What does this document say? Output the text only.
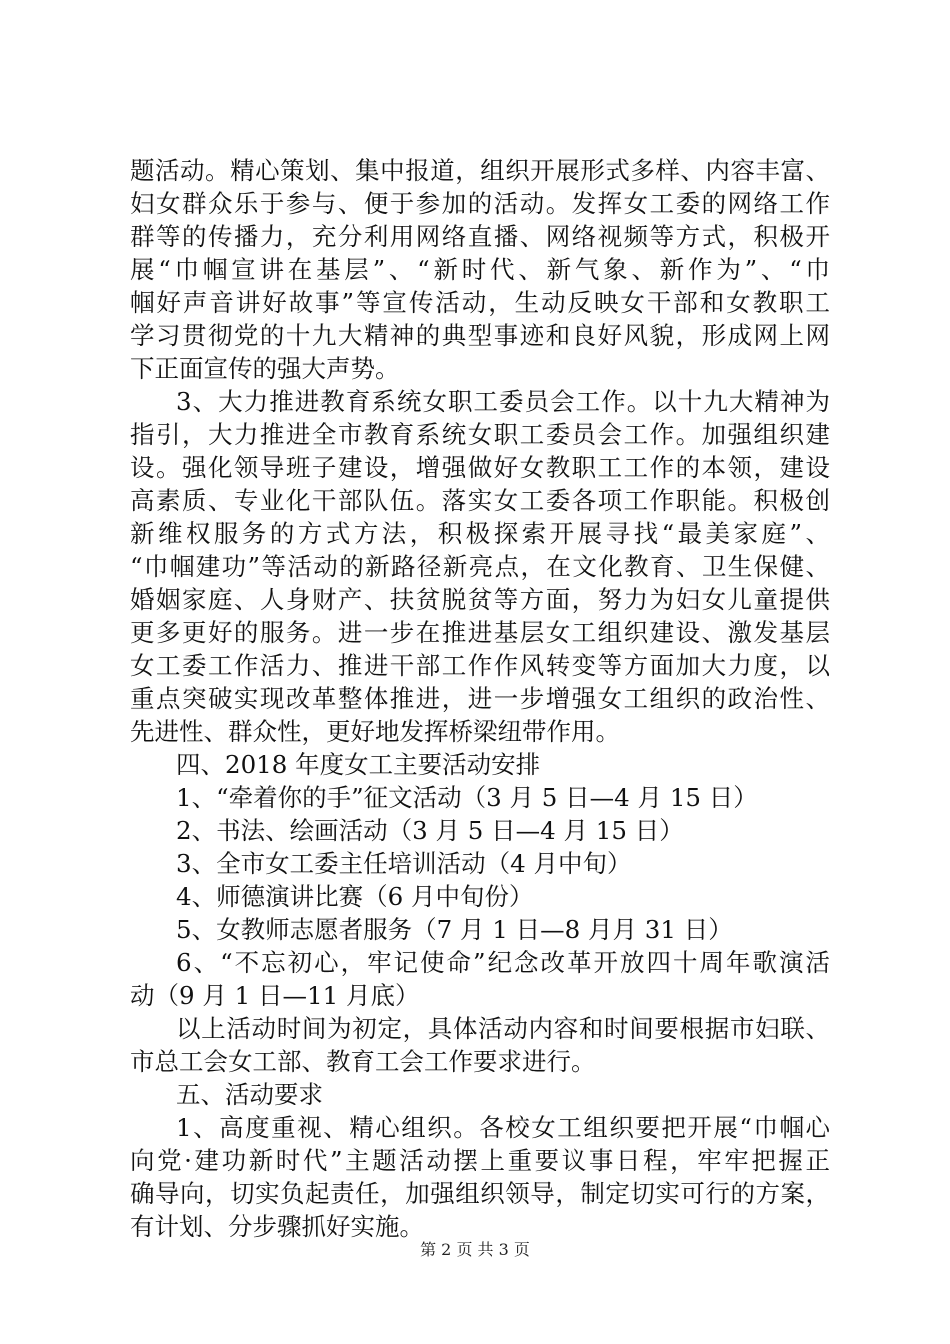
题活动。精心策划、集中报道，组织开展形式多样、内容丰富、
妇女群众乐于参与、便于参加的活动。发挥女工委的网络工作
群等的传播力，充分利用网络直播、网络视频等方式，积极开
展“巾帼宣讲在基层”、“新时代、新气象、新作为”、“巾
帼好声音讲好故事”等宣传活动，生动反映女干部和女教职工
学习贯彻党的十九大精神的典型事迹和良好风貌，形成网上网
下正面宣传的强大声势。
3、大力推进教育系统女职工委员会工作。以十九大精神为
指引，大力推进全市教育系统女职工委员会工作。加强组织建
设。强化领导班子建设，增强做好女教职工工作的本领，建设
高素质、专业化干部队伍。落实女工委各项工作职能。积极创
新维权服务的方式方法，积极探索开展寻找“最美家庭”、
“巾帼建功”等活动的新路径新亮点，在文化教育、卫生保健、
婚姻家庭、人身财产、扶贫脱贫等方面，努力为妇女儿童提供
更多更好的服务。进一步在推进基层女工组织建设、激发基层
女工委工作活力、推进干部工作作风转变等方面加大力度，以
重点突破实现改革整体推进，进一步增强女工组织的政治性、
先进性、群众性，更好地发挥桥梁纽带作用。
四、2018 年度女工主要活动安排
1、“牵着你的手”征文活动（3 月 5 日—4 月 15 日）
2、书法、绘画活动（3 月 5 日—4 月 15 日）
3、全市女工委主任培训活动（4 月中旬）
4、师德演讲比赛（6 月中旬份）
5、女教师志愿者服务（7 月 1 日—8 月月 31 日）
6、“不忘初心，牢记使命”纪念改革开放四十周年歌演活
动（9 月 1 日—11 月底）
以上活动时间为初定，具体活动内容和时间要根据市妇联、
市总工会女工部、教育工会工作要求进行。
五、活动要求
1、高度重视、精心组织。各校女工组织要把开展“巾帼心
向党·建功新时代”主题活动摆上重要议事日程，牢牢把握正
确导向，切实负起责任，加强组织领导，制定切实可行的方案，
有计划、分步骤抓好实施。
第 2 页 共 3 页
